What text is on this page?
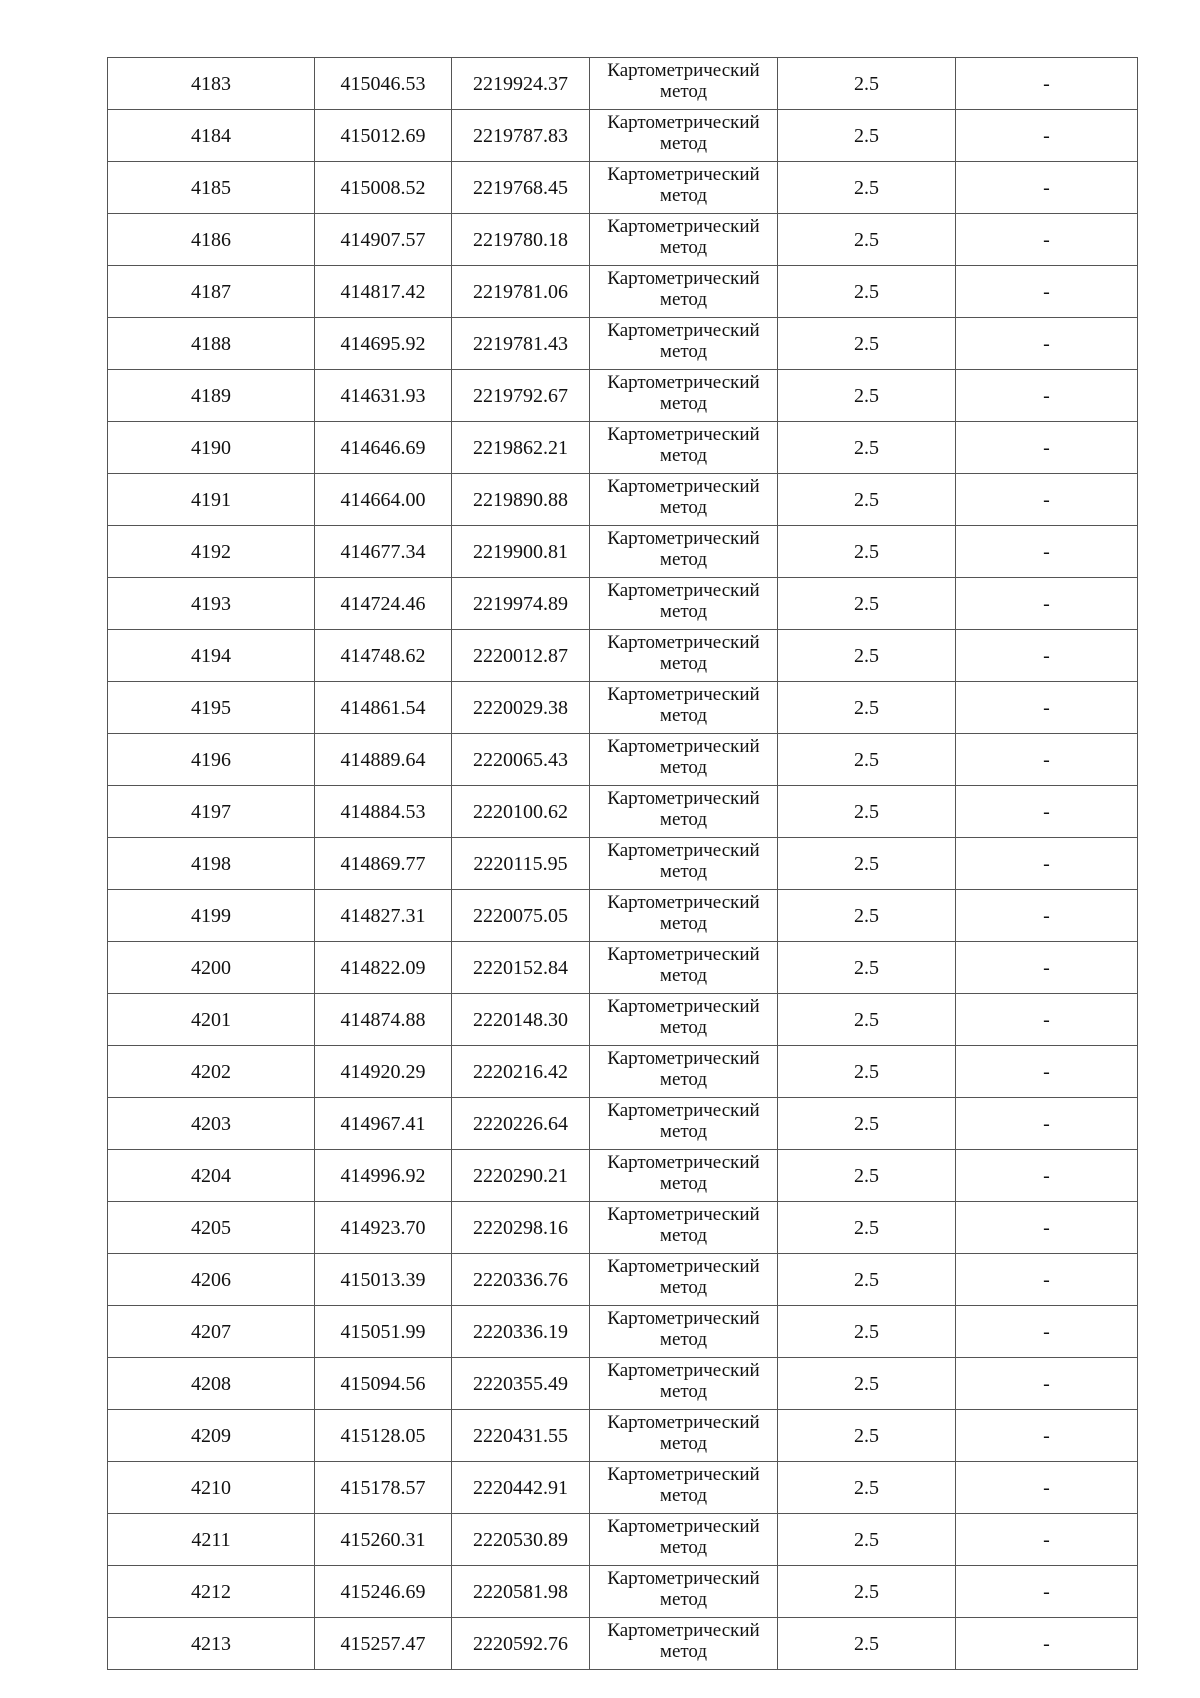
4183	415046.53	2219924.37	Картометрический метод	2.5	-
4184	415012.69	2219787.83	Картометрический метод	2.5	-
4185	415008.52	2219768.45	Картометрический метод	2.5	-
4186	414907.57	2219780.18	Картометрический метод	2.5	-
4187	414817.42	2219781.06	Картометрический метод	2.5	-
4188	414695.92	2219781.43	Картометрический метод	2.5	-
4189	414631.93	2219792.67	Картометрический метод	2.5	-
4190	414646.69	2219862.21	Картометрический метод	2.5	-
4191	414664.00	2219890.88	Картометрический метод	2.5	-
4192	414677.34	2219900.81	Картометрический метод	2.5	-
4193	414724.46	2219974.89	Картометрический метод	2.5	-
4194	414748.62	2220012.87	Картометрический метод	2.5	-
4195	414861.54	2220029.38	Картометрический метод	2.5	-
4196	414889.64	2220065.43	Картометрический метод	2.5	-
4197	414884.53	2220100.62	Картометрический метод	2.5	-
4198	414869.77	2220115.95	Картометрический метод	2.5	-
4199	414827.31	2220075.05	Картометрический метод	2.5	-
4200	414822.09	2220152.84	Картометрический метод	2.5	-
4201	414874.88	2220148.30	Картометрический метод	2.5	-
4202	414920.29	2220216.42	Картометрический метод	2.5	-
4203	414967.41	2220226.64	Картометрический метод	2.5	-
4204	414996.92	2220290.21	Картометрический метод	2.5	-
4205	414923.70	2220298.16	Картометрический метод	2.5	-
4206	415013.39	2220336.76	Картометрический метод	2.5	-
4207	415051.99	2220336.19	Картометрический метод	2.5	-
4208	415094.56	2220355.49	Картометрический метод	2.5	-
4209	415128.05	2220431.55	Картометрический метод	2.5	-
4210	415178.57	2220442.91	Картометрический метод	2.5	-
4211	415260.31	2220530.89	Картометрический метод	2.5	-
4212	415246.69	2220581.98	Картометрический метод	2.5	-
4213	415257.47	2220592.76	Картометрический метод	2.5	-
